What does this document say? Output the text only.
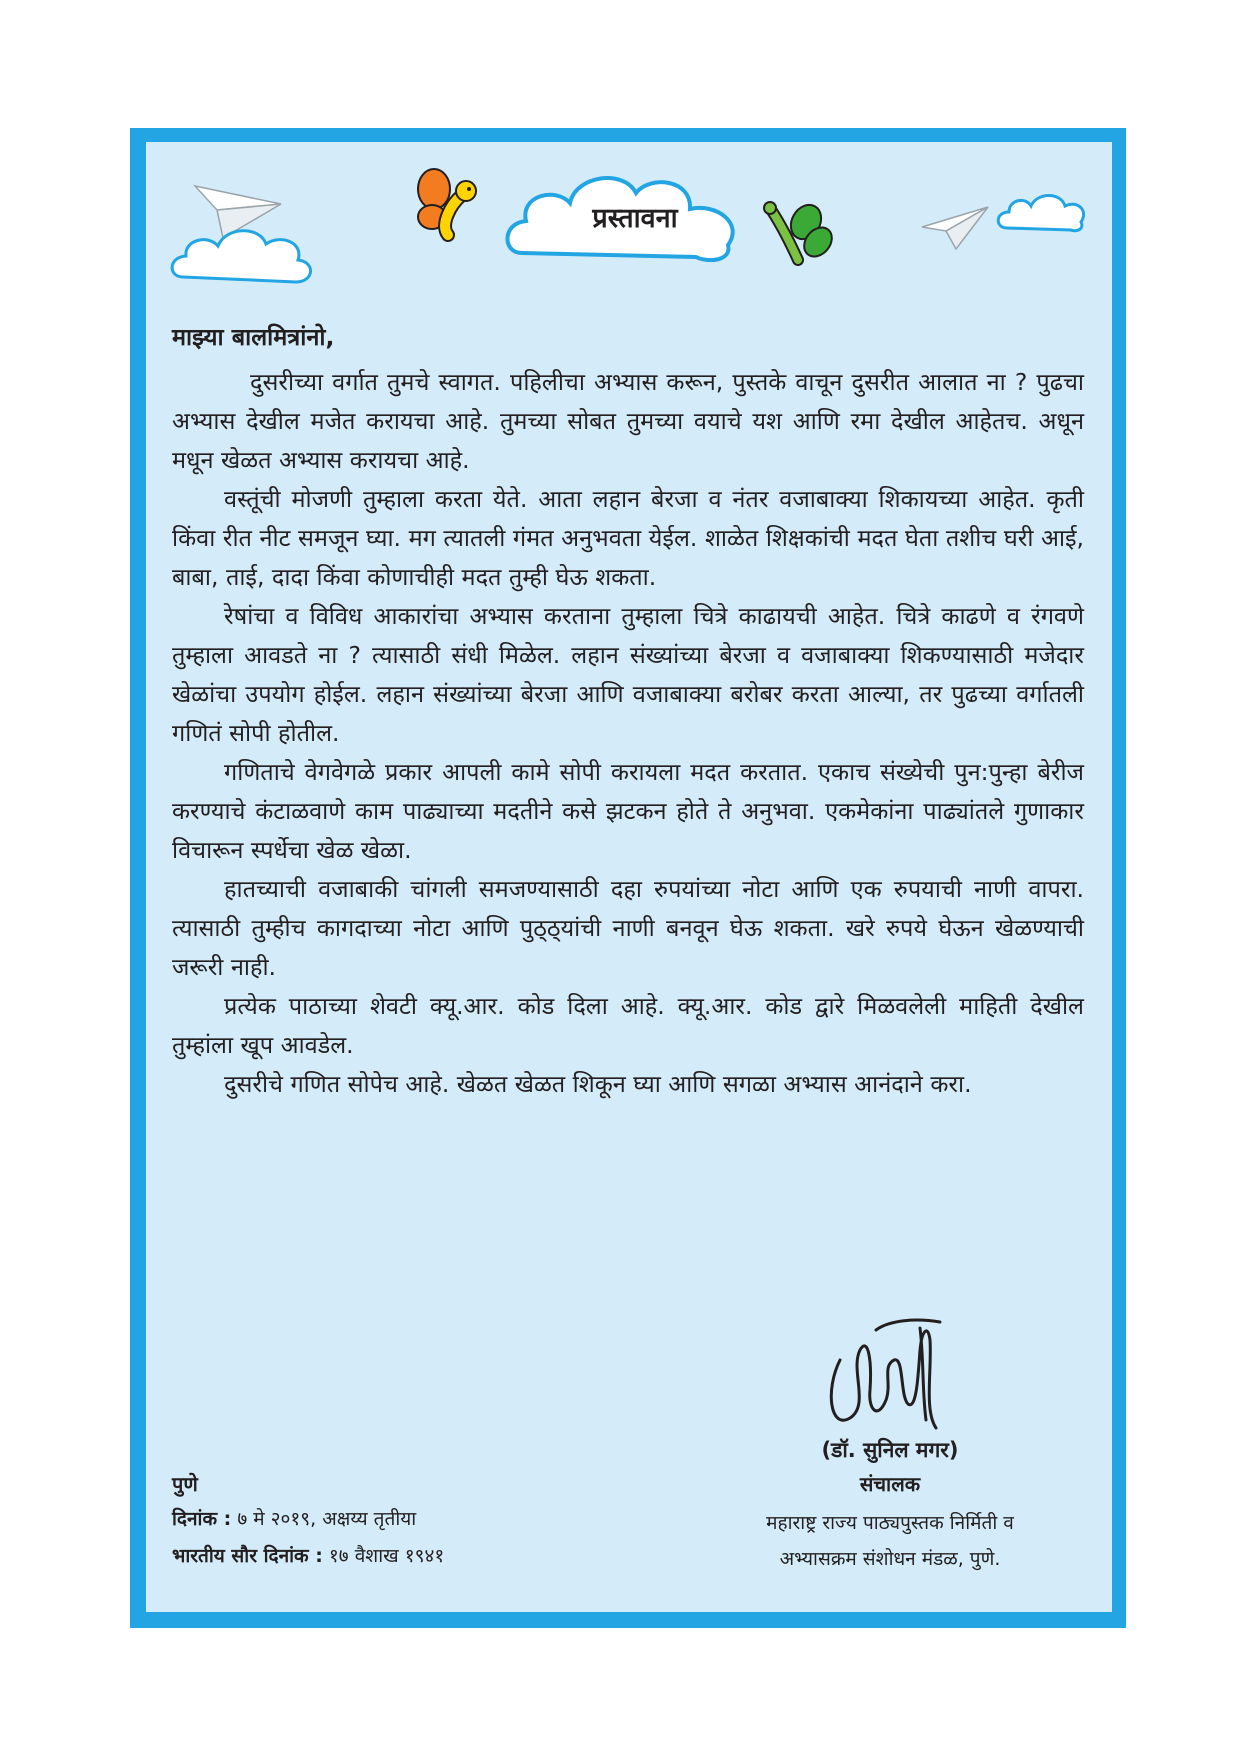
प्रस्तावना

माझ्या बालमित्रांनो,

दुसरीच्या वर्गात तुमचे स्वागत. पहिलीचा अभ्यास करून, पुस्तके वाचून दुसरीत आलात ना ? पुढचा अभ्यास देखील मजेत करायचा आहे. तुमच्या सोबत तुमच्या वयाचे यश आणि रमा देखील आहेतच. अधून मधून खेळत अभ्यास करायचा आहे.

वस्तूंची मोजणी तुम्हाला करता येते. आता लहान बेरजा व नंतर वजाबाक्या शिकायच्या आहेत. कृती किंवा रीत नीट समजून घ्या. मग त्यातली गंमत अनुभवता येईल. शाळेत शिक्षकांची मदत घेता तशीच घरी आई, बाबा, ताई, दादा किंवा कोणाचीही मदत तुम्ही घेऊ शकता.

रेषांचा व विविध आकारांचा अभ्यास करताना तुम्हाला चित्रे काढायची आहेत. चित्रे काढणे व रंगवणे तुम्हाला आवडते ना ? त्यासाठी संधी मिळेल. लहान संख्यांच्या बेरजा व वजाबाक्या शिकण्यासाठी मजेदार खेळांचा उपयोग होईल. लहान संख्यांच्या बेरजा आणि वजाबाक्या बरोबर करता आल्या, तर पुढच्या वर्गातली गणितं सोपी होतील.

गणिताचे वेगवेगळे प्रकार आपली कामे सोपी करायला मदत करतात. एकाच संख्येची पुन:पुन्हा बेरीज करण्याचे कंटाळवाणे काम पाढ्याच्या मदतीने कसे झटकन होते ते अनुभवा. एकमेकांना पाढ्यांतले गुणाकार विचारून स्पर्धेचा खेळ खेळा.

हातच्याची वजाबाकी चांगली समजण्यासाठी दहा रुपयांच्या नोटा आणि एक रुपयाची नाणी वापरा. त्यासाठी तुम्हीच कागदाच्या नोटा आणि पुठ्ठ्यांची नाणी बनवून घेऊ शकता. खरे रुपये घेऊन खेळण्याची जरूरी नाही.

प्रत्येक पाठाच्या शेवटी क्यू.आर. कोड दिला आहे. क्यू.आर. कोड द्वारे मिळवलेली माहिती देखील तुम्हांला खूप आवडेल.

दुसरीचे गणित सोपेच आहे. खेळत खेळत शिकून घ्या आणि सगळा अभ्यास आनंदाने करा.

(डॉ. सुनिल मगर)
संचालक
महाराष्ट्र राज्य पाठ्यपुस्तक निर्मिती व
अभ्यासक्रम संशोधन मंडळ, पुणे.
पुणे
दिनांक : ७ मे २०१९, अक्षय्य तृतीया
भारतीय सौर दिनांक : १७ वैशाख १९४१
